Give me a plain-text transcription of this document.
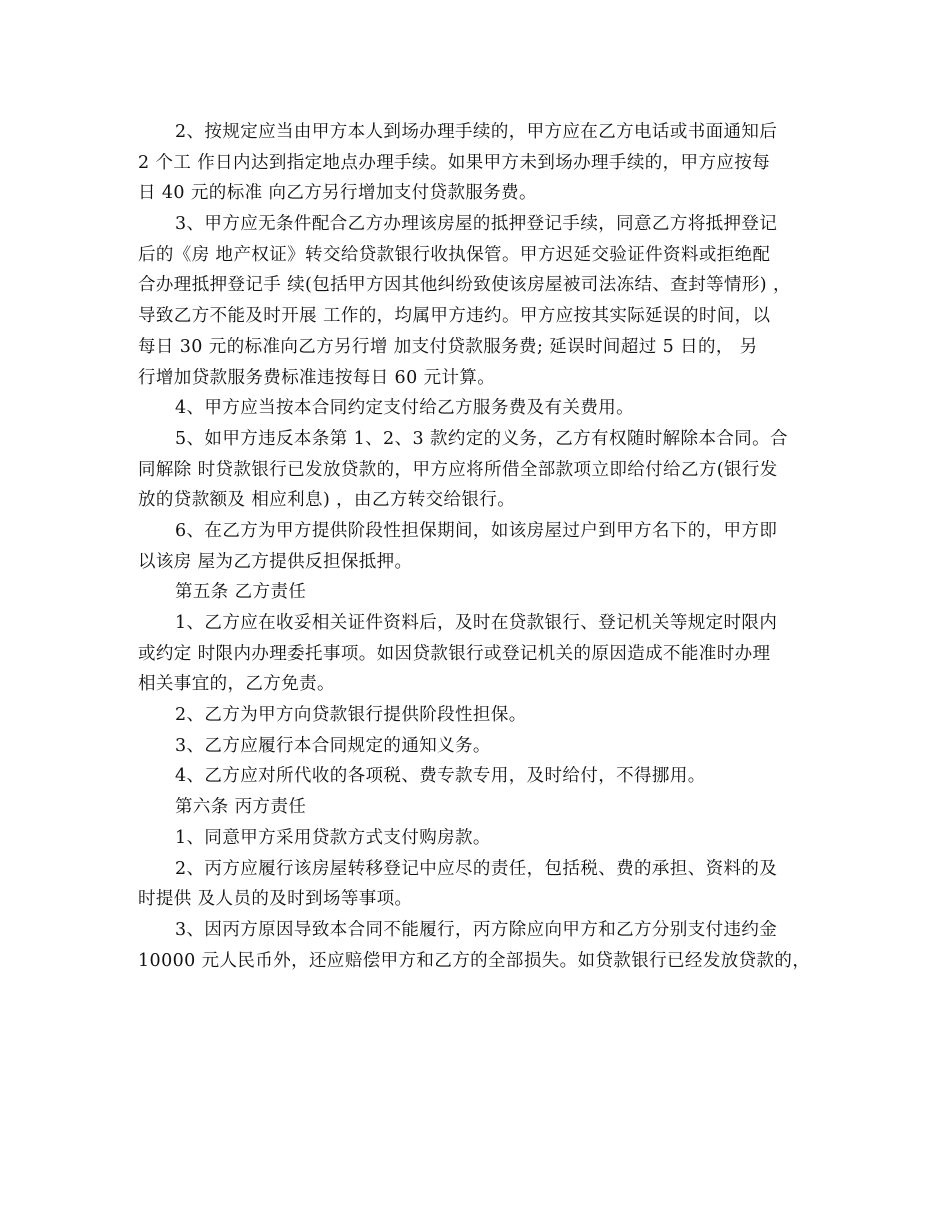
2、按规定应当由甲方本人到场办理手续的，甲方应在乙方电话或书面通知后
2 个工 作日内达到指定地点办理手续。如果甲方未到场办理手续的，甲方应按每
日 40 元的标准 向乙方另行增加支付贷款服务费。
3、甲方应无条件配合乙方办理该房屋的抵押登记手续，同意乙方将抵押登记
后的《房 地产权证》转交给贷款银行收执保管。甲方迟延交验证件资料或拒绝配
合办理抵押登记手 续(包括甲方因其他纠纷致使该房屋被司法冻结、查封等情形) ，
导致乙方不能及时开展 工作的，均属甲方违约。甲方应按其实际延误的时间，以
每日 30 元的标准向乙方另行增 加支付贷款服务费; 延误时间超过 5 日的， 另
行增加贷款服务费标准违按每日 60 元计算。
4、甲方应当按本合同约定支付给乙方服务费及有关费用。
5、如甲方违反本条第 1、2、3 款约定的义务，乙方有权随时解除本合同。合
同解除 时贷款银行已发放贷款的，甲方应将所借全部款项立即给付给乙方(银行发
放的贷款额及 相应利息) ，由乙方转交给银行。
6、在乙方为甲方提供阶段性担保期间，如该房屋过户到甲方名下的，甲方即
以该房 屋为乙方提供反担保抵押。
第五条 乙方责任
1、乙方应在收妥相关证件资料后，及时在贷款银行、登记机关等规定时限内
或约定 时限内办理委托事项。如因贷款银行或登记机关的原因造成不能准时办理
相关事宜的，乙方免责。
2、乙方为甲方向贷款银行提供阶段性担保。
3、乙方应履行本合同规定的通知义务。
4、乙方应对所代收的各项税、费专款专用，及时给付，不得挪用。
第六条 丙方责任
1、同意甲方采用贷款方式支付购房款。
2、丙方应履行该房屋转移登记中应尽的责任，包括税、费的承担、资料的及
时提供 及人员的及时到场等事项。
3、因丙方原因导致本合同不能履行，丙方除应向甲方和乙方分别支付违约金
10000 元人民币外，还应赔偿甲方和乙方的全部损失。如贷款银行已经发放贷款的，
